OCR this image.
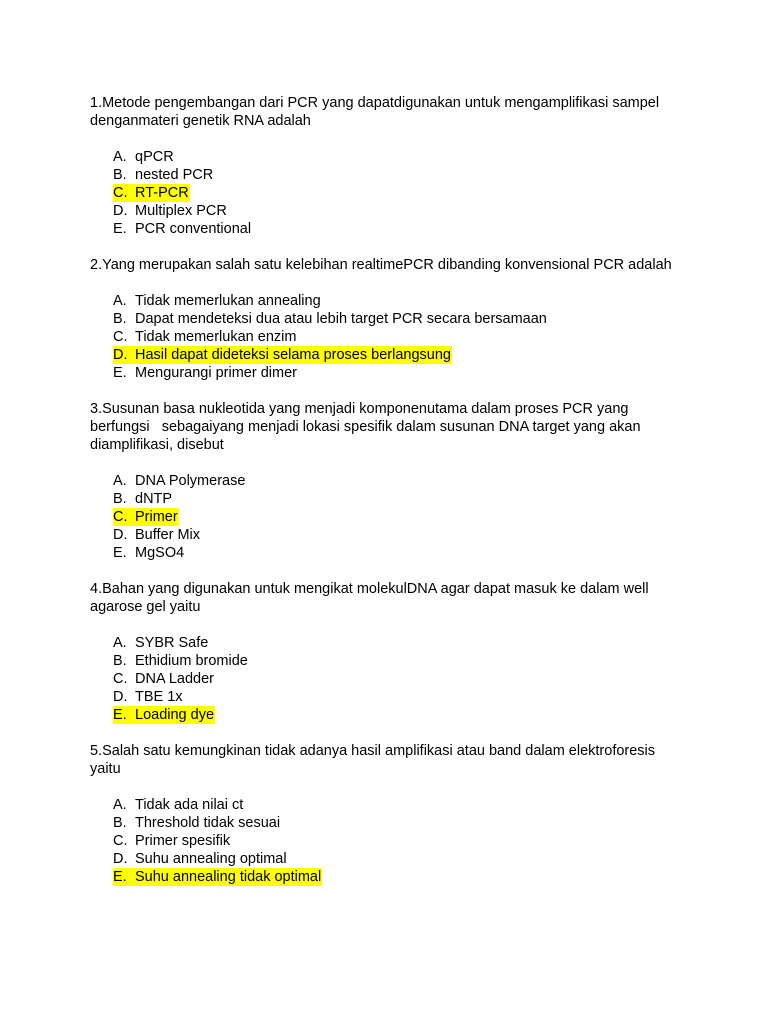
1.Metode pengembangan dari PCR yang dapatdigunakan untuk mengamplifikasi sampel denganmateri genetik RNA adalah

A. qPCR
B. nested PCR
C. RT-PCR
D. Multiplex PCR
E. PCR conventional

2.Yang merupakan salah satu kelebihan realtimePCR dibanding konvensional PCR adalah

A. Tidak memerlukan annealing
B. Dapat mendeteksi dua atau lebih target PCR secara bersamaan
C. Tidak memerlukan enzim
D. Hasil dapat dideteksi selama proses berlangsung
E. Mengurangi primer dimer

3.Susunan basa nukleotida yang menjadi komponenutama dalam proses PCR yang berfungsi   sebagaiyang menjadi lokasi spesifik dalam susunan DNA target yang akan diamplifikasi, disebut

A. DNA Polymerase
B. dNTP
C. Primer
D. Buffer Mix
E. MgSO4

4.Bahan yang digunakan untuk mengikat molekulDNA agar dapat masuk ke dalam well agarose gel yaitu

A. SYBR Safe
B. Ethidium bromide
C. DNA Ladder
D. TBE 1x
E. Loading dye

5.Salah satu kemungkinan tidak adanya hasil amplifikasi atau band dalam elektroforesis yaitu

A. Tidak ada nilai ct
B. Threshold tidak sesuai
C. Primer spesifik
D. Suhu annealing optimal
E. Suhu annealing tidak optimal
